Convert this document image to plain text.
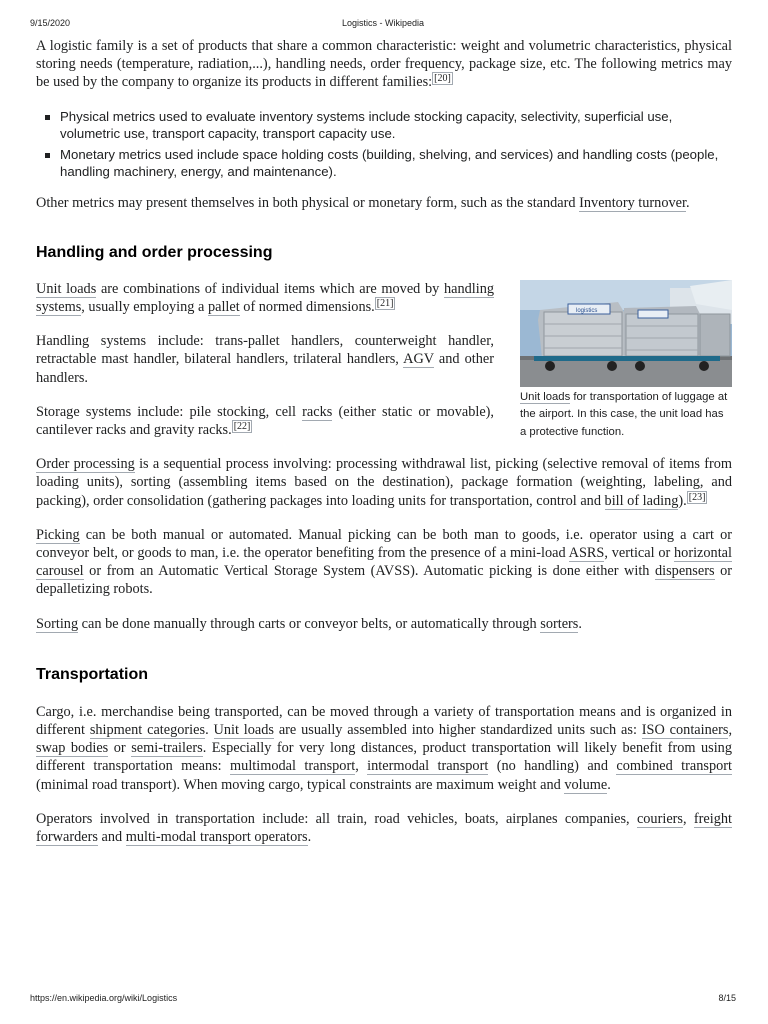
9/15/2020	Logistics - Wikipedia

A logistic family is a set of products that share a common characteristic: weight and volumetric characteristics, physical storing needs (temperature, radiation,...), handling needs, order frequency, package size, etc. The following metrics may be used by the company to organize its products in different families: [20]

Physical metrics used to evaluate inventory systems include stocking capacity, selectivity, superficial use, volumetric use, transport capacity, transport capacity use.
Monetary metrics used include space holding costs (building, shelving, and services) and handling costs (people, handling machinery, energy, and maintenance).

Other metrics may present themselves in both physical or monetary form, such as the standard Inventory turnover.

Handling and order processing
logistics
Unit loads for transportation of luggage at the airport. In this case, the unit load has a protective function.

Unit loads are combinations of individual items which are moved by handling systems, usually employing a pallet of normed dimensions. [21]

Handling systems include: trans-pallet handlers, counterweight handler, retractable mast handler, bilateral handlers, trilateral handlers, AGV and other handlers.

Storage systems include: pile stocking, cell racks (either static or movable), cantilever racks and gravity racks. [22]

Order processing is a sequential process involving: processing withdrawal list, picking (selective removal of items from loading units), sorting (assembling items based on the destination), package formation (weighting, labeling, and packing), order consolidation (gathering packages into loading units for transportation, control and bill of lading). [23]

Picking can be both manual or automated. Manual picking can be both man to goods, i.e. operator using a cart or conveyor belt, or goods to man, i.e. the operator benefiting from the presence of a mini-load ASRS, vertical or horizontal carousel or from an Automatic Vertical Storage System (AVSS). Automatic picking is done either with dispensers or depalletizing robots.

Sorting can be done manually through carts or conveyor belts, or automatically through sorters.

Transportation

Cargo, i.e. merchandise being transported, can be moved through a variety of transportation means and is organized in different shipment categories. Unit loads are usually assembled into higher standardized units such as: ISO containers, swap bodies or semi-trailers. Especially for very long distances, product transportation will likely benefit from using different transportation means: multimodal transport, intermodal transport (no handling) and combined transport (minimal road transport). When moving cargo, typical constraints are maximum weight and volume.

Operators involved in transportation include: all train, road vehicles, boats, airplanes companies, couriers, freight forwarders and multi-modal transport operators.

https://en.wikipedia.org/wiki/Logistics	8/15
